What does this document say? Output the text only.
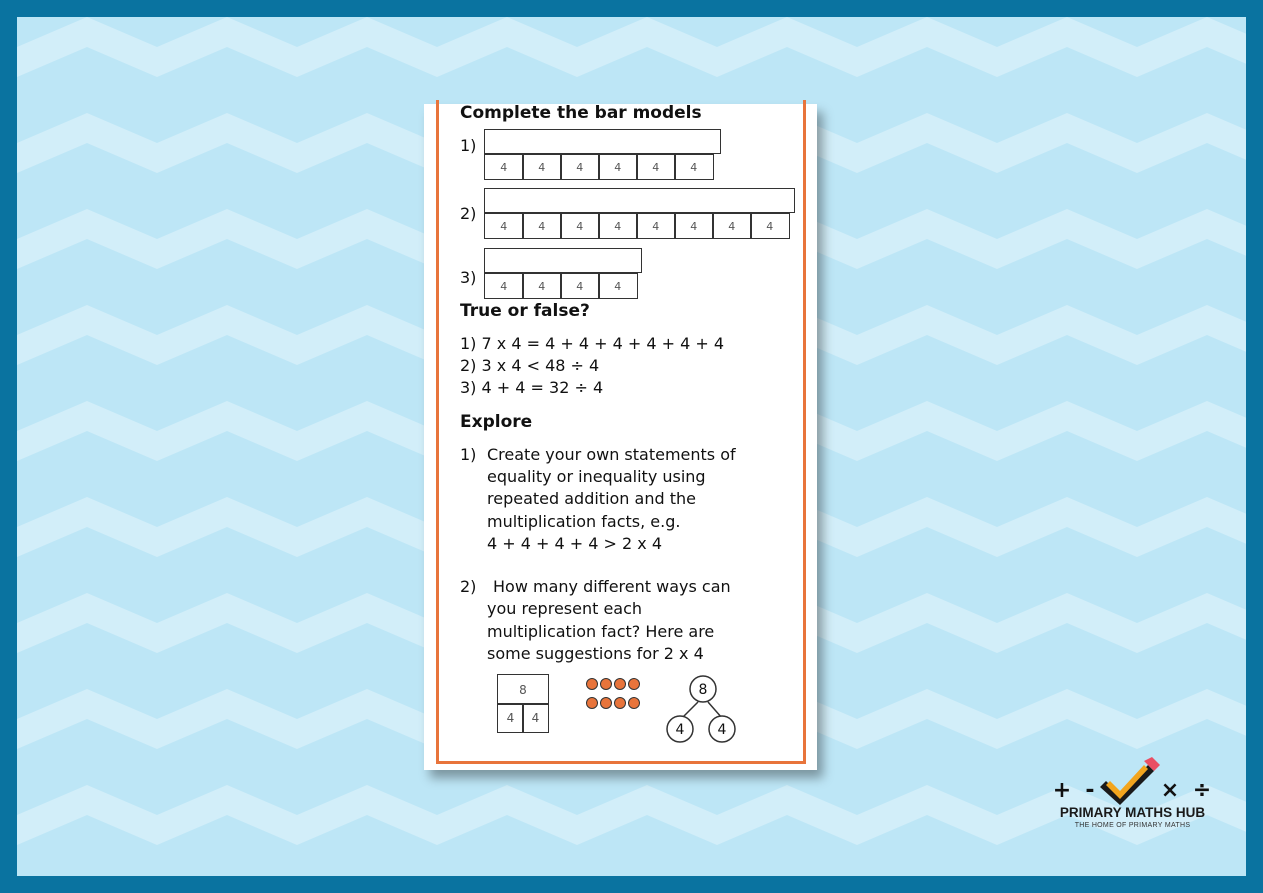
Complete the bar models
1)
4	4	4	4	4	4
2)
4	4	4	4	4	4	4	4
3)	4	4	4	4
True or false?
1) 7 x 4 = 4 + 4 + 4 + 4 + 4 + 4
2) 3 x 4 < 48 ÷ 4
3) 4 + 4 = 32 ÷ 4
Explore
1) Create your own statements of
equality or inequality using
repeated addition and the
multiplication facts, e.g.
4 + 4 + 4 + 4 > 2 x 4
2) How many different ways can
you represent each
multiplication fact? Here are
some suggestions for 2 x 4
8
4	4

8
4 4
+ -	× ÷
PRIMARY MATHS HUB
THE HOME OF PRIMARY MATHS
